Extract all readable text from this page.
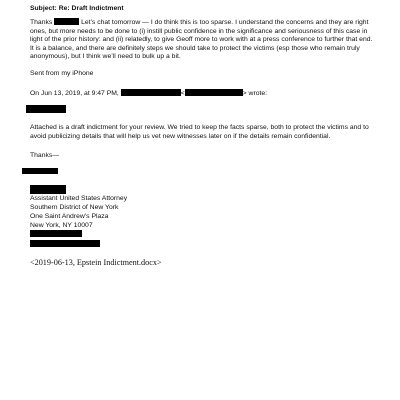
Subject: Re: Draft Indictment
Thanks	Let’s chat tomorrow — I do think this is too sparse. I understand the concerns and they are right ones, but more needs to be done to (i) instill public confidence in the significance and seriousness of this case in light of the prior history: and (ii) relatedly, to give Geoff more to work with at a press conference to further that end. It is a balance, and there are definitely steps we should take to protect the victims (esp those who remain truly anonymous), but I think we’ll need to bulk up a bit.
Sent from my iPhone
On Jun 13, 2019, at 9:47 PM,	<	> wrote:
Attached is a draft indictment for your review. We tried to keep the facts sparse, both to protect the victims and to avoid publicizing details that will help us vet new witnesses later on if the details remain confidential.
Thanks—
Assistant United States Attorney
Southern District of New York
One Saint Andrew’s Plaza
New York, NY 10007
<2019-06-13, Epstein Indictment.docx>
